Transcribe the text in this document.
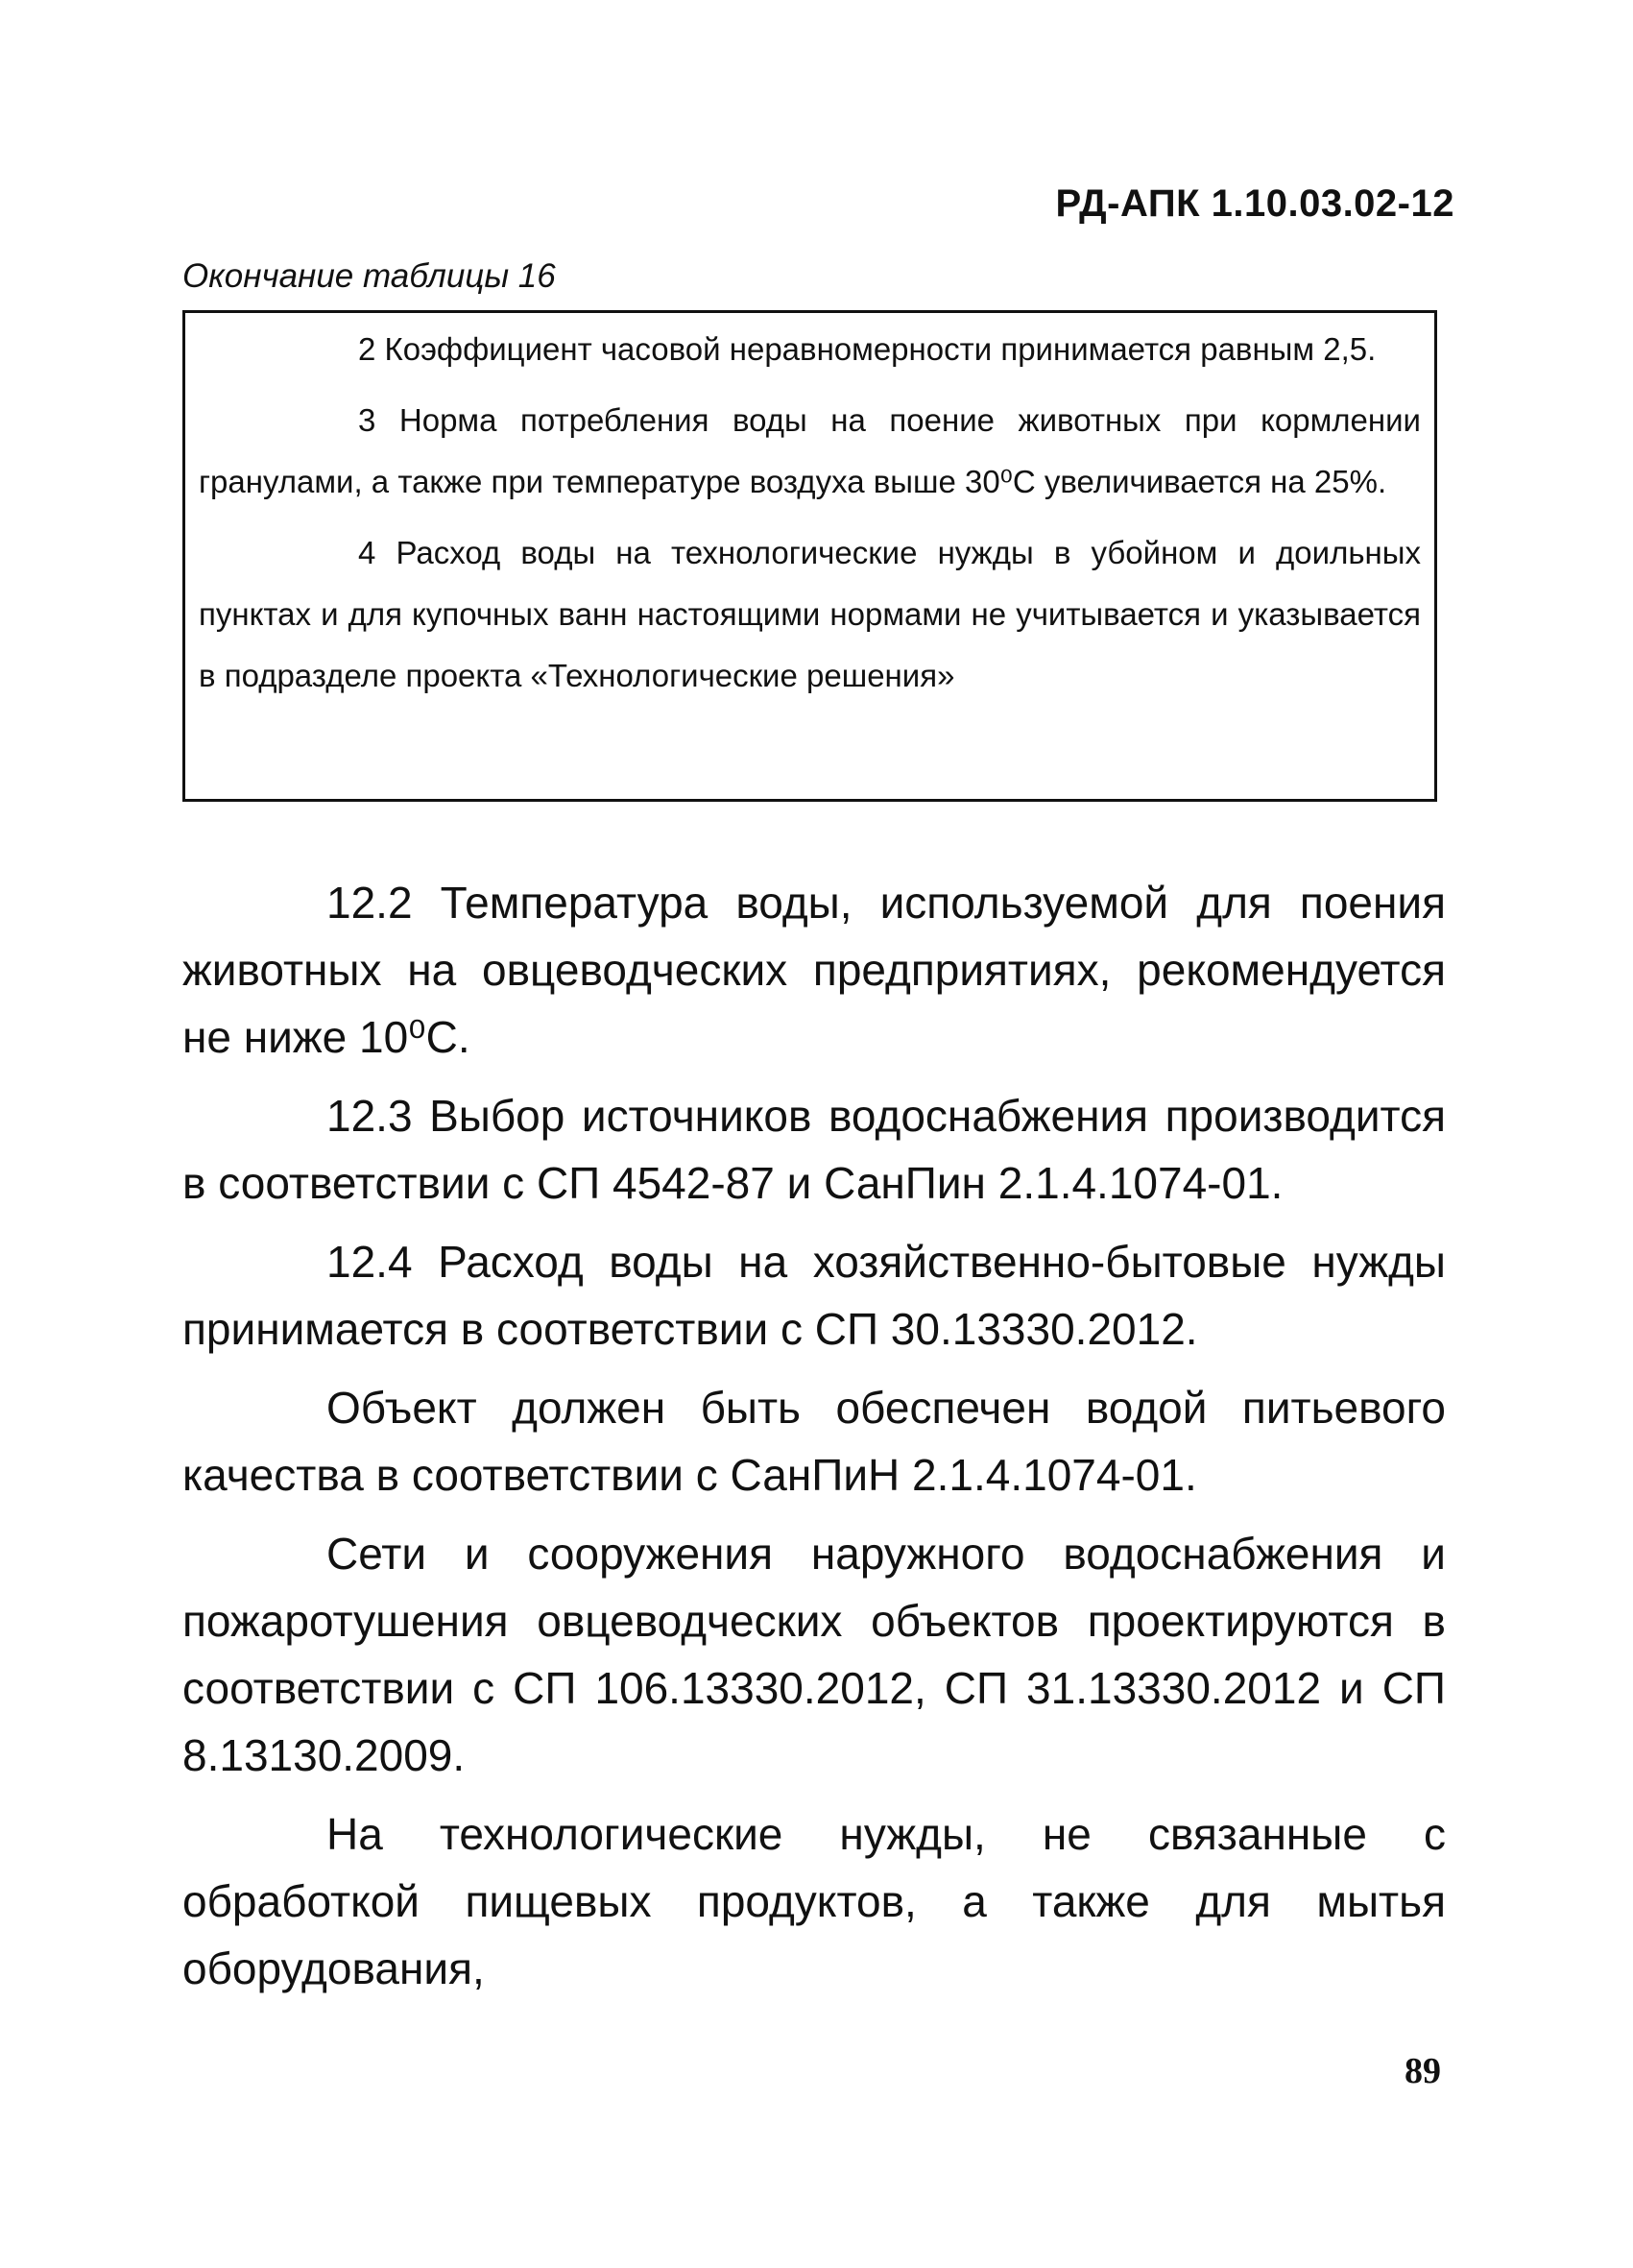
РД-АПК 1.10.03.02-12

Окончание таблицы 16

2 Коэффициент часовой неравномерности принимается равным 2,5.

3 Норма потребления воды на поение животных при кормлении гранулами, а также при температуре воздуха выше 30⁰С увеличивается на 25%.

4 Расход воды на технологические нужды в убойном и доильных пунктах и для купочных ванн настоящими нормами не учитывается и указывается в подразделе проекта «Технологические решения»

12.2 Температура воды, используемой для поения животных на овцеводческих предприятиях, рекомендуется не ниже 10⁰С.

12.3 Выбор источников водоснабжения производится в соответствии с СП 4542-87 и СанПин 2.1.4.1074-01.

12.4 Расход воды на хозяйственно-бытовые нужды принимается в соответствии с СП 30.13330.2012.

Объект должен быть обеспечен водой питьевого качества в соответствии с СанПиН 2.1.4.1074-01.

Сети и сооружения наружного водоснабжения и пожаротушения овцеводческих объектов проектируются в соответствии с СП 106.13330.2012, СП 31.13330.2012 и СП 8.13130.2009.

На технологические нужды, не связанные с обработкой пищевых продуктов, а также для мытья оборудования,

89
